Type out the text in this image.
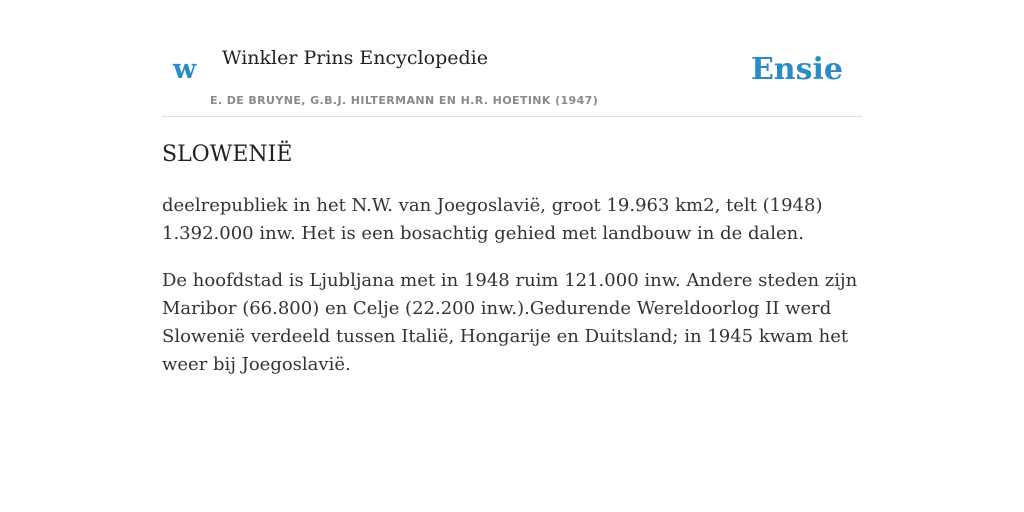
w Winkler Prins Encyclopedie
E. DE BRUYNE, G.B.J. HILTERMANN EN H.R. HOETINK (1947)
Ensie
SLOWENIË

deelrepubliek in het N.W. van Joegoslavië, groot 19.963 km2, telt (1948) 1.392.000 inw. Het is een bosachtig gehied met landbouw in de dalen.

De hoofdstad is Ljubljana met in 1948 ruim 121.000 inw. Andere steden zijn Maribor (66.800) en Celje (22.200 inw.).Gedurende Wereldoorlog II werd Slowenië verdeeld tussen Italië, Hongarije en Duitsland; in 1945 kwam het weer bij Joegoslavië.
